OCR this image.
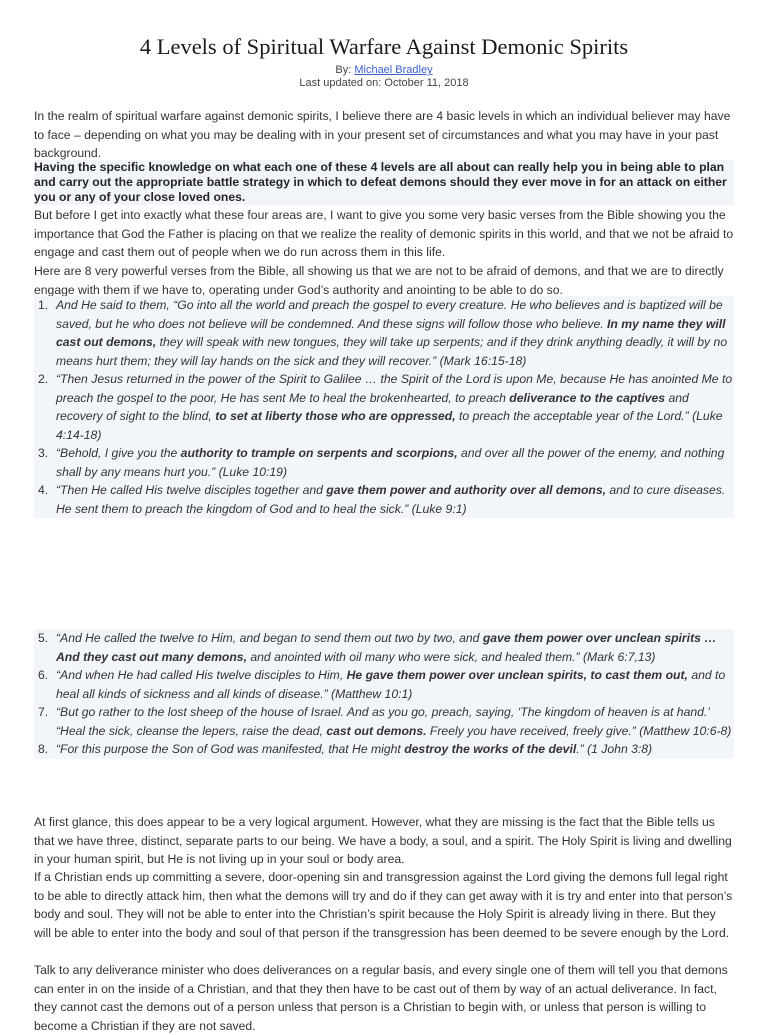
4 Levels of Spiritual Warfare Against Demonic Spirits
By: Michael Bradley
Last updated on: October 11, 2018

In the realm of spiritual warfare against demonic spirits, I believe there are 4 basic levels in which an individual believer may have to face – depending on what you may be dealing with in your present set of circumstances and what you may have in your past background.

Having the specific knowledge on what each one of these 4 levels are all about can really help you in being able to plan and carry out the appropriate battle strategy in which to defeat demons should they ever move in for an attack on either you or any of your close loved ones.

But before I get into exactly what these four areas are, I want to give you some very basic verses from the Bible showing you the importance that God the Father is placing on that we realize the reality of demonic spirits in this world, and that we not be afraid to engage and cast them out of people when we do run across them in this life.

Here are 8 very powerful verses from the Bible, all showing us that we are not to be afraid of demons, and that we are to directly engage with them if we have to, operating under God’s authority and anointing to be able to do so.

1. And He said to them, “Go into all the world and preach the gospel to every creature. He who believes and is baptized will be saved, but he who does not believe will be condemned. And these signs will follow those who believe. In my name they will cast out demons, they will speak with new tongues, they will take up serpents; and if they drink anything deadly, it will by no means hurt them; they will lay hands on the sick and they will recover.” (Mark 16:15-18)

2. “Then Jesus returned in the power of the Spirit to Galilee … the Spirit of the Lord is upon Me, because He has anointed Me to preach the gospel to the poor, He has sent Me to heal the brokenhearted, to preach deliverance to the captives and recovery of sight to the blind, to set at liberty those who are oppressed, to preach the acceptable year of the Lord.” (Luke 4:14-18)

3. “Behold, I give you the authority to trample on serpents and scorpions, and over all the power of the enemy, and nothing shall by any means hurt you.” (Luke 10:19)

4. “Then He called His twelve disciples together and gave them power and authority over all demons, and to cure diseases. He sent them to preach the kingdom of God and to heal the sick.” (Luke 9:1)

5. “And He called the twelve to Him, and began to send them out two by two, and gave them power over unclean spirits … And they cast out many demons, and anointed with oil many who were sick, and healed them.” (Mark 6:7,13)

6. “And when He had called His twelve disciples to Him, He gave them power over unclean spirits, to cast them out, and to heal all kinds of sickness and all kinds of disease.” (Matthew 10:1)

7. “But go rather to the lost sheep of the house of Israel. And as you go, preach, saying, ‘The kingdom of heaven is at hand.’ “Heal the sick, cleanse the lepers, raise the dead, cast out demons. Freely you have received, freely give.” (Matthew 10:6-8)

8. “For this purpose the Son of God was manifested, that He might destroy the works of the devil.” (1 John 3:8)

At first glance, this does appear to be a very logical argument. However, what they are missing is the fact that the Bible tells us that we have three, distinct, separate parts to our being. We have a body, a soul, and a spirit. The Holy Spirit is living and dwelling in your human spirit, but He is not living up in your soul or body area.

If a Christian ends up committing a severe, door-opening sin and transgression against the Lord giving the demons full legal right to be able to directly attack him, then what the demons will try and do if they can get away with it is try and enter into that person’s body and soul. They will not be able to enter into the Christian’s spirit because the Holy Spirit is already living in there. But they will be able to enter into the body and soul of that person if the transgression has been deemed to be severe enough by the Lord.

Talk to any deliverance minister who does deliverances on a regular basis, and every single one of them will tell you that demons can enter in on the inside of a Christian, and that they then have to be cast out of them by way of an actual deliverance. In fact, they cannot cast the demons out of a person unless that person is a Christian to begin with, or unless that person is willing to become a Christian if they are not saved.
